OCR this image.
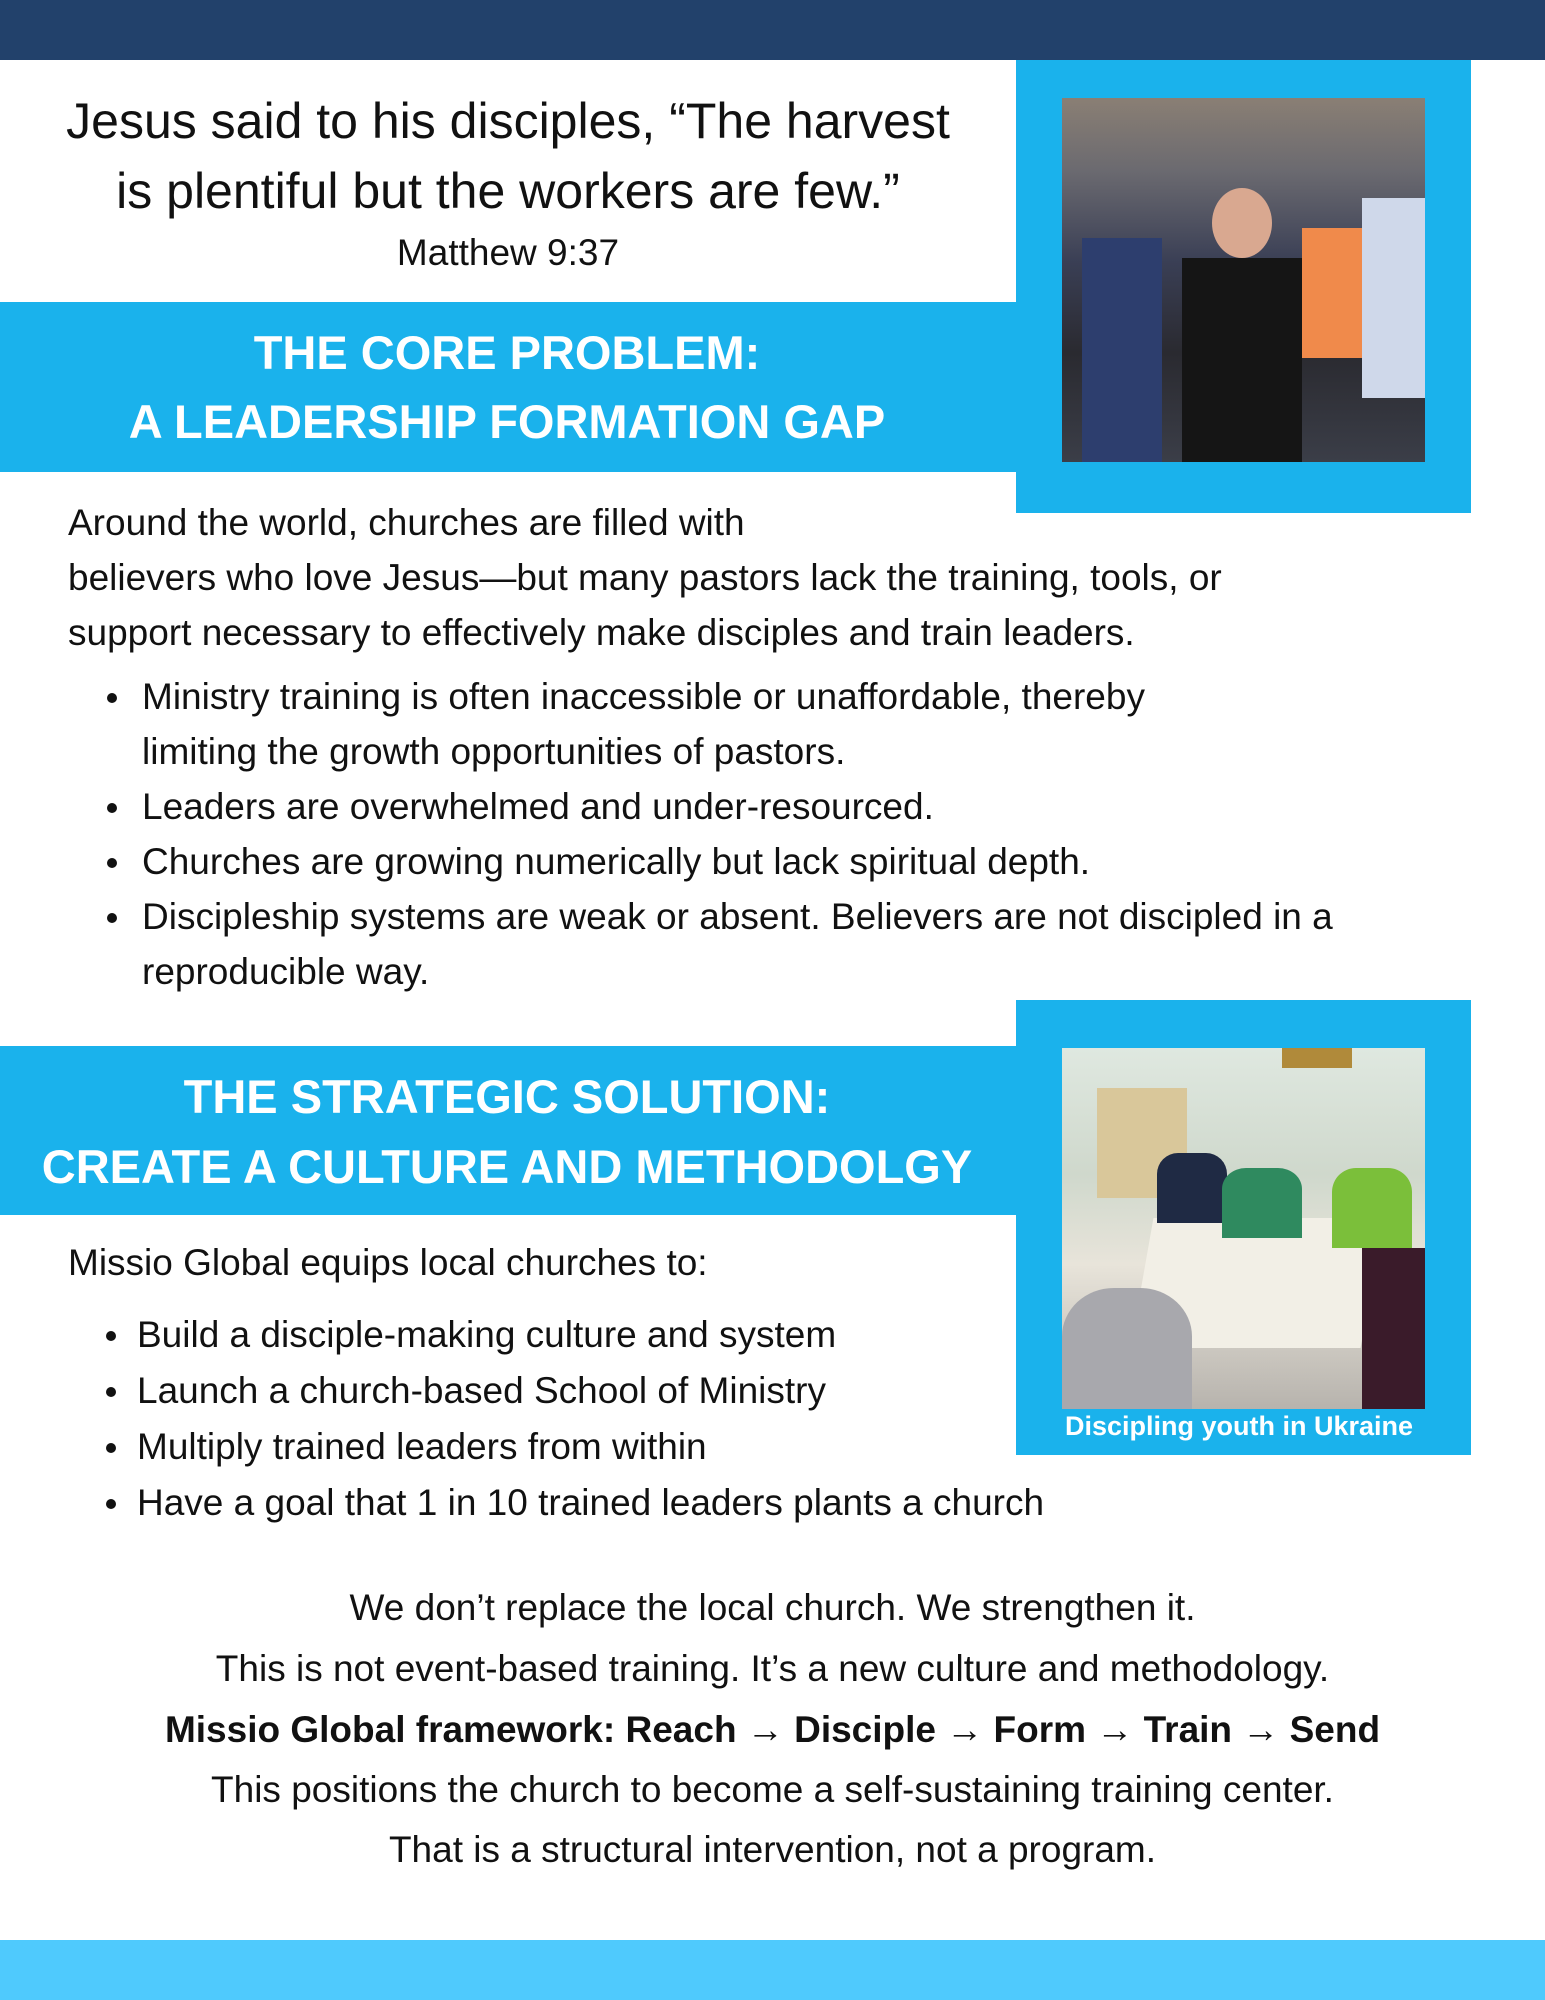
Jesus said to his disciples, “The harvest
is plentiful but the workers are few.”
Matthew 9:37
THE CORE PROBLEM:
A LEADERSHIP FORMATION GAP
Around the world, churches are filled with
believers who love Jesus—but many pastors lack the training, tools, or
support necessary to effectively make disciples and train leaders.
Ministry training is often inaccessible or unaffordable, thereby
limiting the growth opportunities of pastors.
Leaders are overwhelmed and under-resourced.
Churches are growing numerically but lack spiritual depth.
Discipleship systems are weak or absent. Believers are not discipled in a
reproducible way.
Discipling youth in Ukraine
THE STRATEGIC SOLUTION:
CREATE A CULTURE AND METHODOLGY
Missio Global equips local churches to:
Build a disciple-making culture and system
Launch a church-based School of Ministry
Multiply trained leaders from within
Have a goal that 1 in 10 trained leaders plants a church
We don’t replace the local church. We strengthen it.
This is not event-based training. It’s a new culture and methodology.
Missio Global framework: Reach → Disciple → Form → Train → Send
This positions the church to become a self-sustaining training center.
That is a structural intervention, not a program.
